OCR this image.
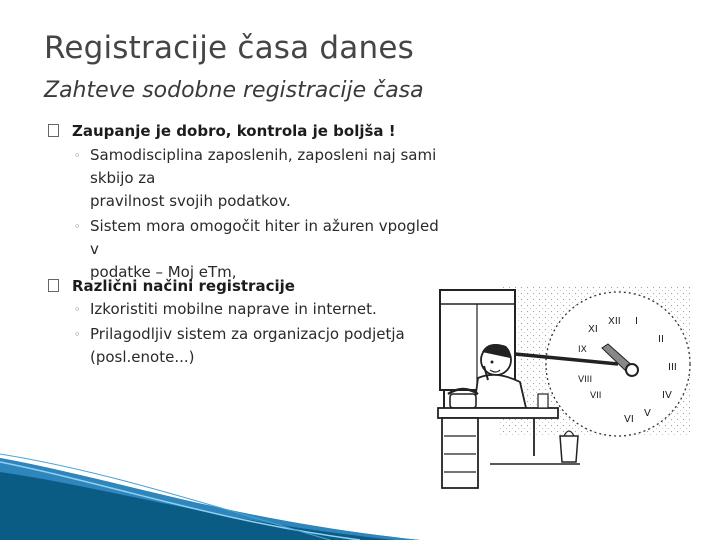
Registracije časa danes
Zahteve sodobne registracije časa
Zaupanje je dobro, kontrola je boljša !
◦ Samodisciplina zaposlenih, zaposleni naj sami skbijo za
pravilnost svojih podatkov.
◦ Sistem mora omogočit hiter in ažuren vpogled v
podatke – Moj eTm,
Različni načini registracije
◦ Izkoristiti mobilne naprave in internet.
◦ Prilagodljiv sistem za organizacjo podjetja
(posl.enote...)
XII I
II
III
IV
V
VI
VII
VIII
IX
XI
